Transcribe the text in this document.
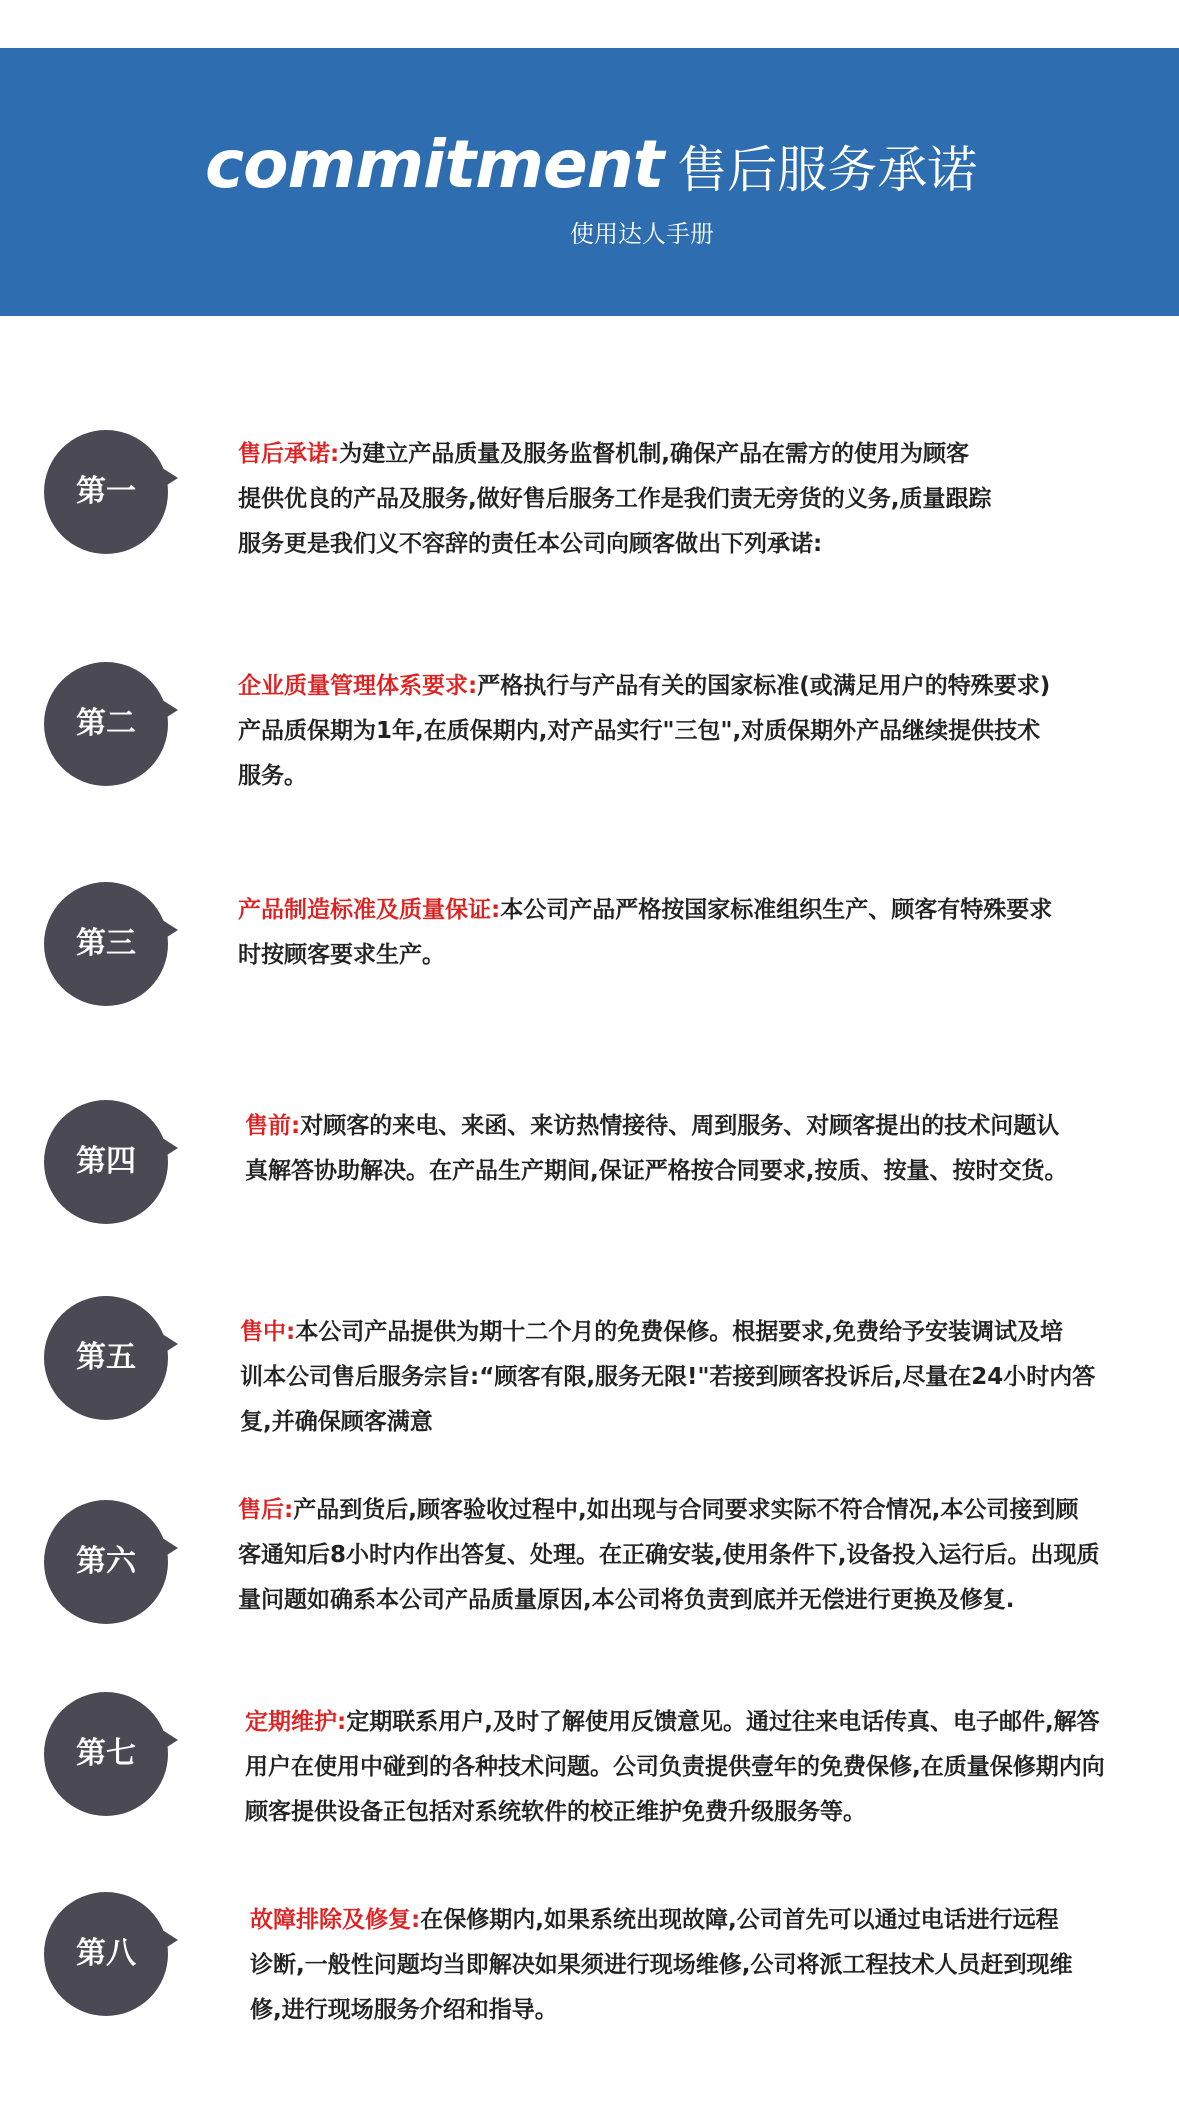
commitment 售后服务承诺
使用达人手册
第一
售后承诺:为建立产品质量及服务监督机制,确保产品在需方的使用为顾客
提供优良的产品及服务,做好售后服务工作是我们责无旁货的义务,质量跟踪
服务更是我们义不容辞的责任本公司向顾客做出下列承诺:
第二
企业质量管理体系要求:严格执行与产品有关的国家标准(或满足用户的特殊要求)
产品质保期为1年,在质保期内,对产品实行"三包",对质保期外产品继续提供技术
服务。
第三
产品制造标准及质量保证:本公司产品严格按国家标准组织生产、顾客有特殊要求
时按顾客要求生产。
第四
售前:对顾客的来电、来函、来访热情接待、周到服务、对顾客提出的技术问题认
真解答协助解决。在产品生产期间,保证严格按合同要求,按质、按量、按时交货。
第五
售中:本公司产品提供为期十二个月的免费保修。根据要求,免费给予安装调试及培
训本公司售后服务宗旨:“顾客有限,服务无限!"若接到顾客投诉后,尽量在24小时内答
复,并确保顾客满意
第六
售后:产品到货后,顾客验收过程中,如出现与合同要求实际不符合情况,本公司接到顾
客通知后8小时内作出答复、处理。在正确安装,使用条件下,设备投入运行后。出现质
量问题如确系本公司产品质量原因,本公司将负责到底并无偿进行更换及修复.
第七
定期维护:定期联系用户,及时了解使用反馈意见。通过往来电话传真、电子邮件,解答
用户在使用中碰到的各种技术问题。公司负责提供壹年的免费保修,在质量保修期内向
顾客提供设备正包括对系统软件的校正维护免费升级服务等。
第八
故障排除及修复:在保修期内,如果系统出现故障,公司首先可以通过电话进行远程
诊断,一般性问题均当即解决如果须进行现场维修,公司将派工程技术人员赶到现维
修,进行现场服务介绍和指导。
